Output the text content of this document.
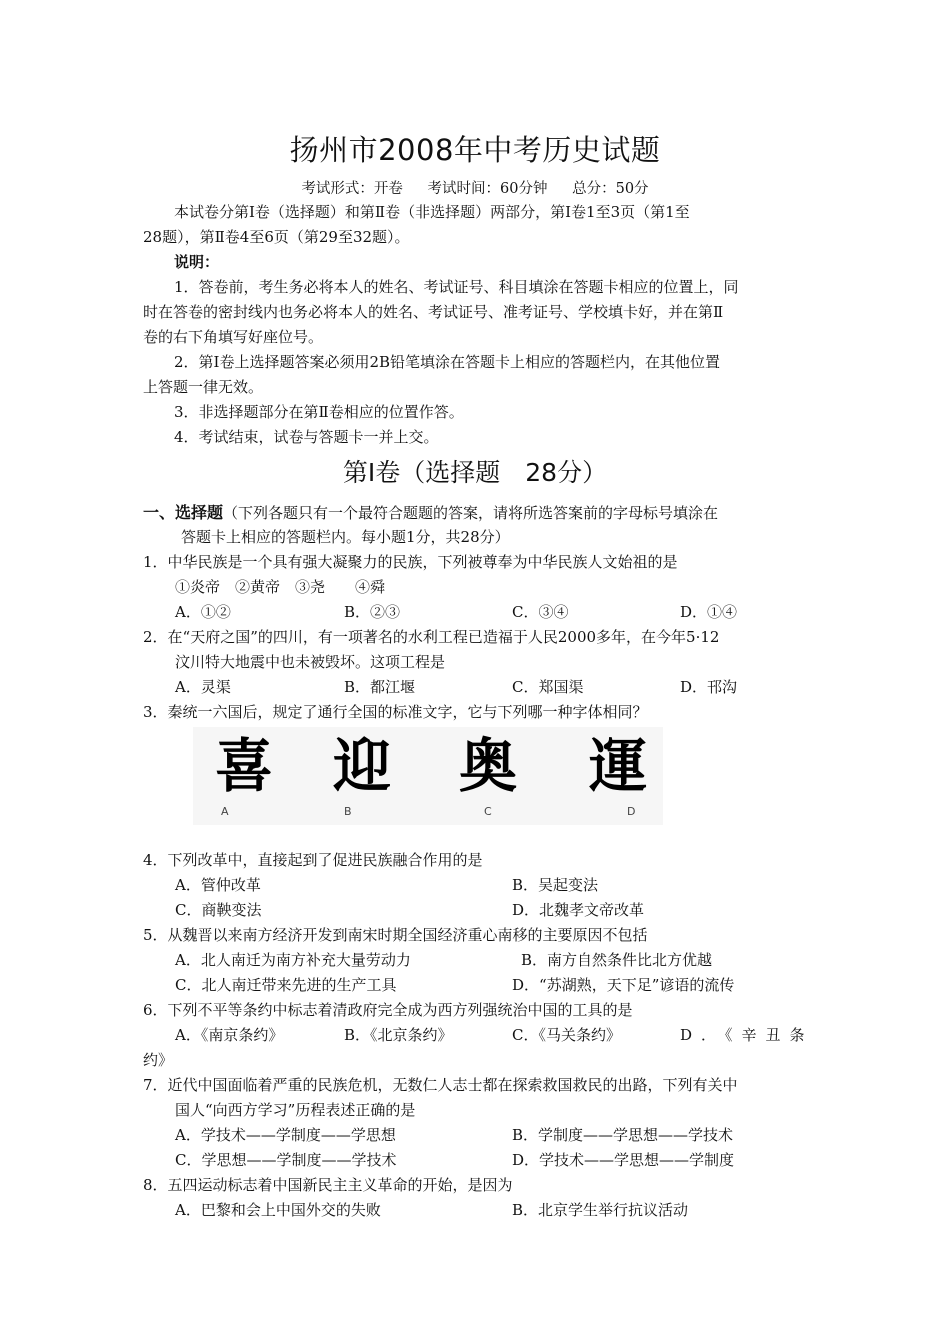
扬州市2008年中考历史试题
考试形式：开卷 考试时间：60分钟 总分：50分
本试卷分第Ⅰ卷（选择题）和第Ⅱ卷（非选择题）两部分，第Ⅰ卷1至3页（第1至
28题），第Ⅱ卷4至6页（第29至32题）。
说明：
1．答卷前，考生务必将本人的姓名、考试证号、科目填涂在答题卡相应的位置上，同
时在答卷的密封线内也务必将本人的姓名、考试证号、准考证号、学校填卡好，并在第Ⅱ
卷的右下角填写好座位号。
2．第Ⅰ卷上选择题答案必须用2B铅笔填涂在答题卡上相应的答题栏内，在其他位置
上答题一律无效。
3．非选择题部分在第Ⅱ卷相应的位置作答。
4．考试结束，试卷与答题卡一并上交。
第Ⅰ卷（选择题　28分）
一、选择题（下列各题只有一个最符合题题的答案，请将所选答案前的字母标号填涂在
答题卡上相应的答题栏内。每小题1分，共28分）
1．中华民族是一个具有强大凝聚力的民族，下列被尊奉为中华民族人文始祖的是
①炎帝　②黄帝　③尧　　④舜
A．①②	B．②③	C．③④	D．①④
2．在“天府之国”的四川，有一项著名的水利工程已造福于人民2000多年，在今年5·12
汶川特大地震中也未被毁坏。这项工程是
A．灵渠	B．都江堰	C．郑国渠	D．邗沟
3．秦统一六国后，规定了通行全国的标准文字，它与下列哪一种字体相同？
喜 迎 奥 運
A	B	C	D
4．下列改革中，直接起到了促进民族融合作用的是
A．管仲改革	B．吴起变法
C．商鞅变法	D．北魏孝文帝改革
5．从魏晋以来南方经济开发到南宋时期全国经济重心南移的主要原因不包括
A．北人南迁为南方补充大量劳动力	B．南方自然条件比北方优越
C．北人南迁带来先进的生产工具	D．“苏湖熟，天下足”谚语的流传
6．下列不平等条约中标志着清政府完全成为西方列强统治中国的工具的是
A．《南京条约》	B．《北京条约》	C．《马关条约》	D．《辛丑条
约》
7．近代中国面临着严重的民族危机，无数仁人志士都在探索救国救民的出路，下列有关中
国人“向西方学习”历程表述正确的是
A．学技术——学制度——学思想	B．学制度——学思想——学技术
C．学思想——学制度——学技术	D．学技术——学思想——学制度
8．五四运动标志着中国新民主主义革命的开始，是因为
A．巴黎和会上中国外交的失败	B．北京学生举行抗议活动
